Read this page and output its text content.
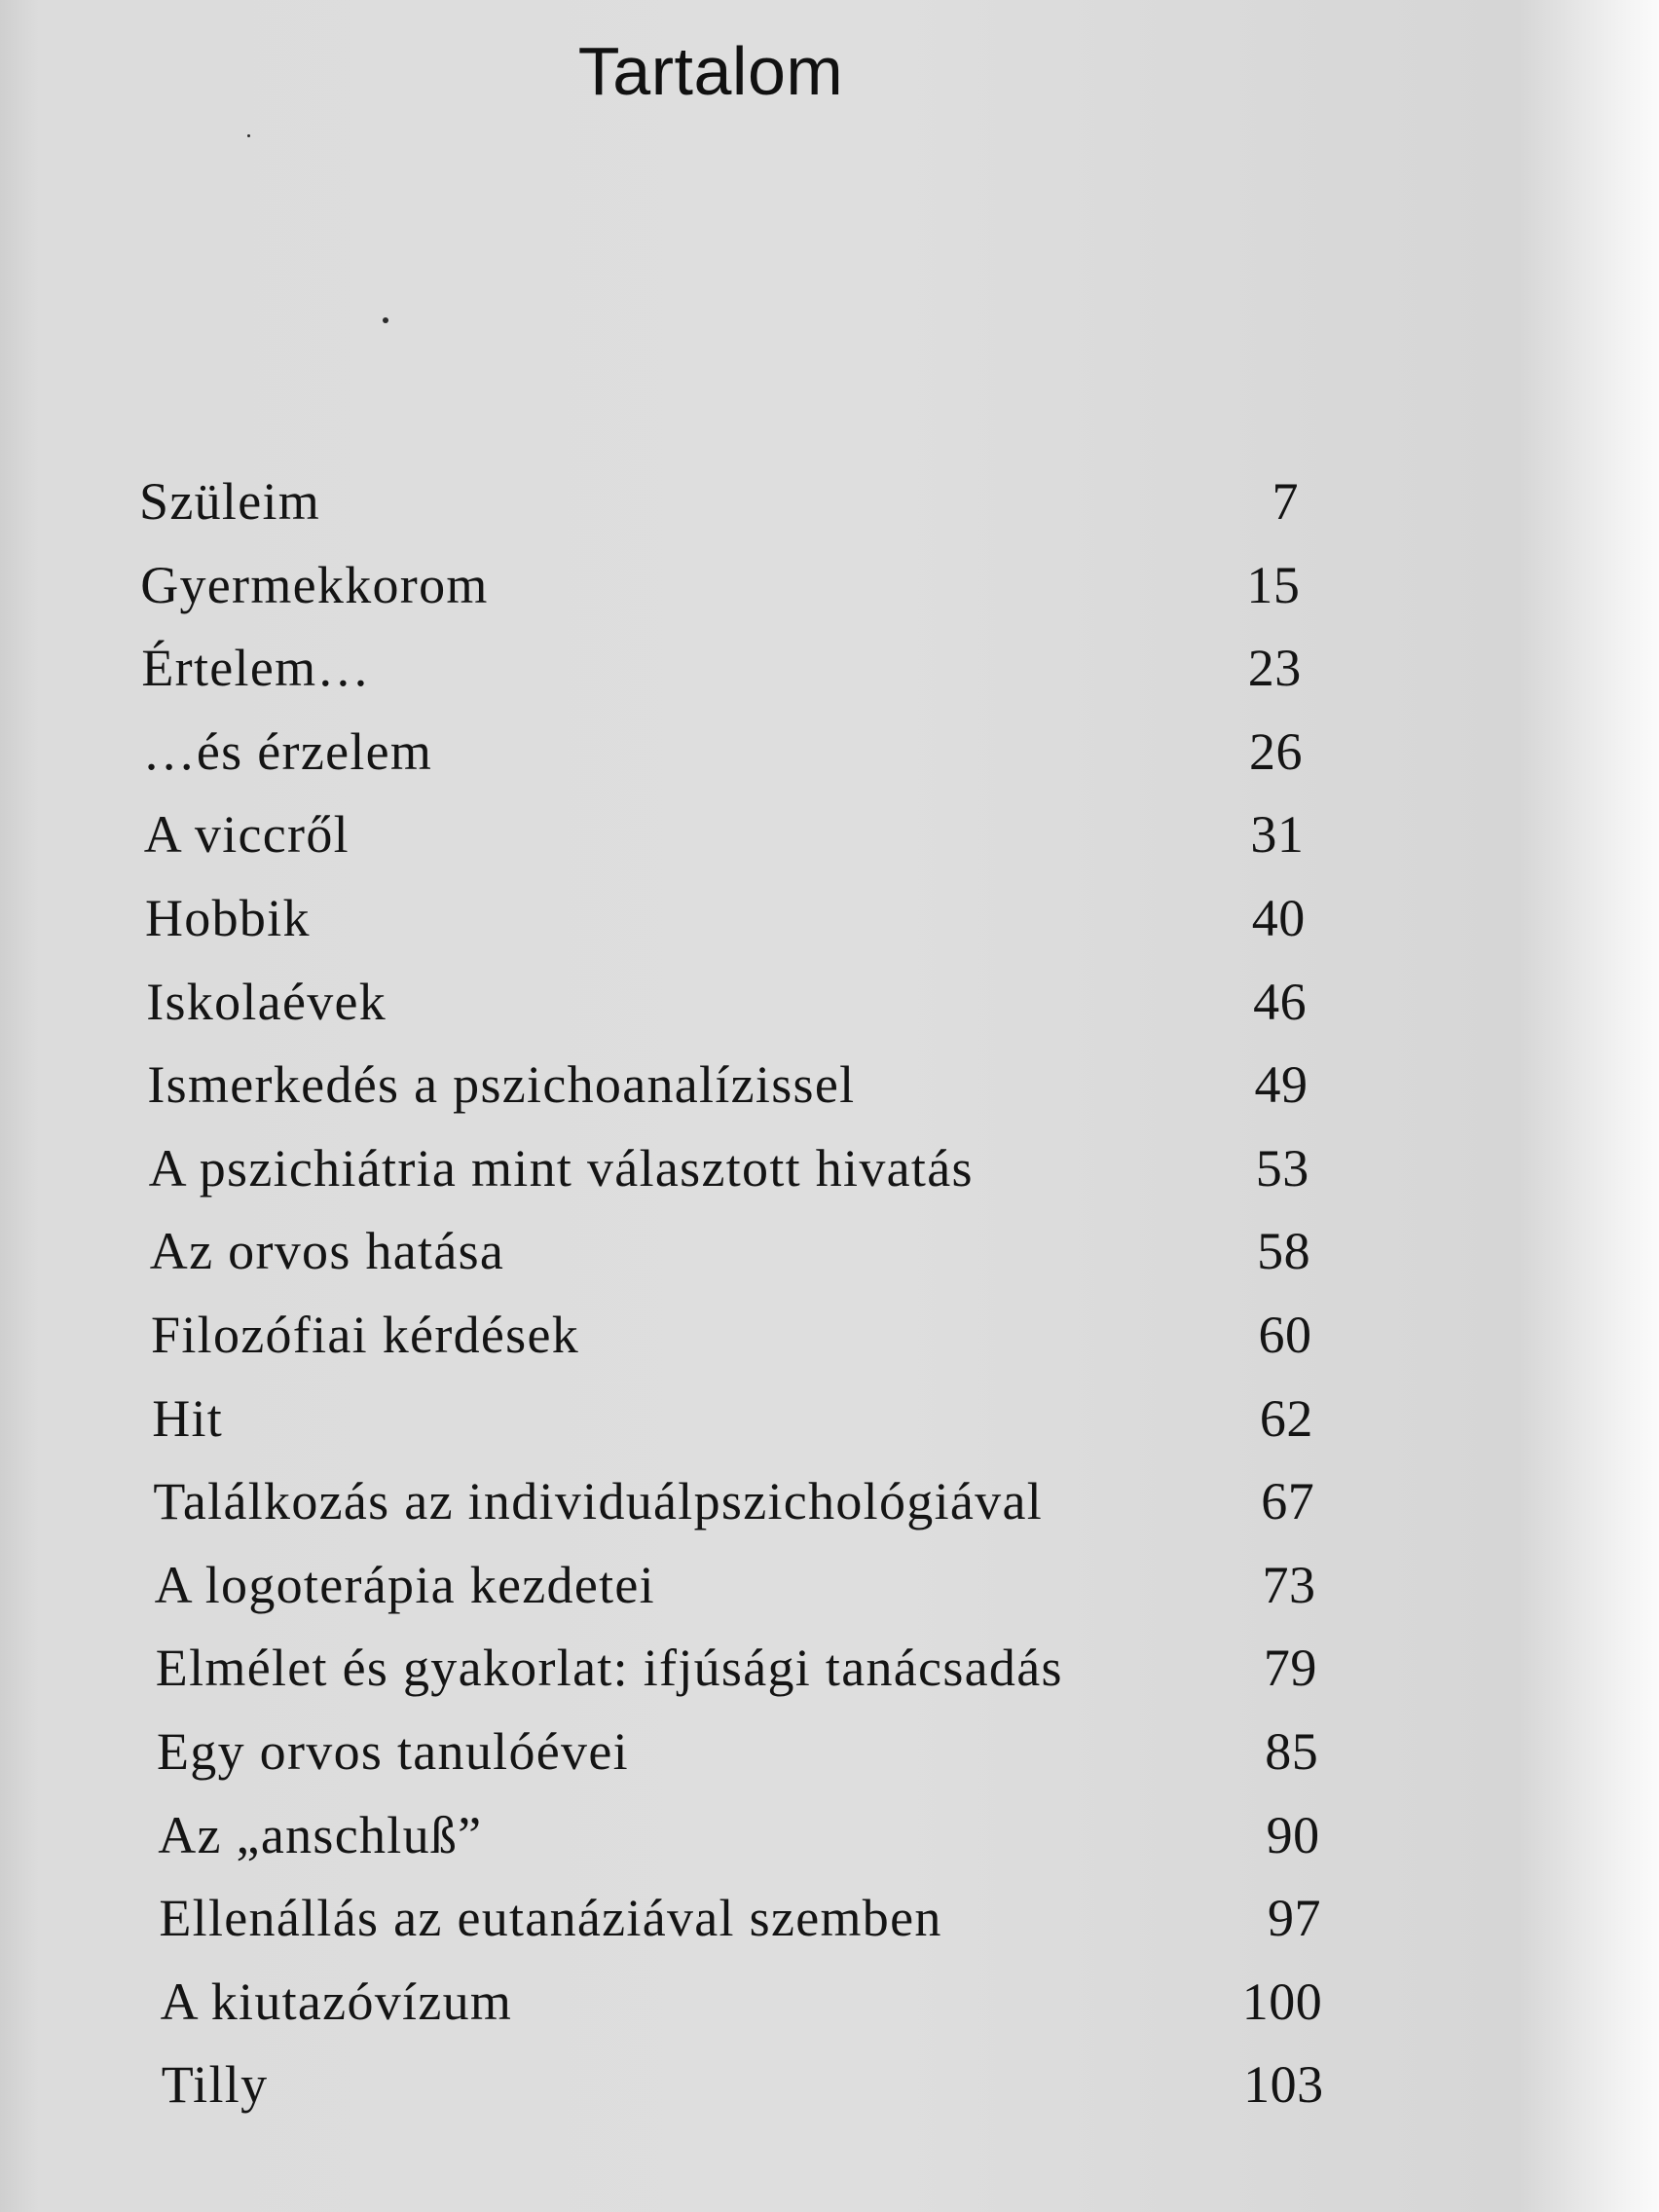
Tartalom
Szüleim	7
Gyermekkorom	15
Értelem…	23
…és érzelem	26
A viccről	31
Hobbik	40
Iskolaévek	46
Ismerkedés a pszichoanalízissel	49
A pszichiátria mint választott hivatás	53
Az orvos hatása	58
Filozófiai kérdések	60
Hit	62
Találkozás az individuálpszichológiával	67
A logoterápia kezdetei	73
Elmélet és gyakorlat: ifjúsági tanácsadás	79
Egy orvos tanulóévei	85
Az „anschluß”	90
Ellenállás az eutanáziával szemben	97
A kiutazóvízum	100
Tilly	103
